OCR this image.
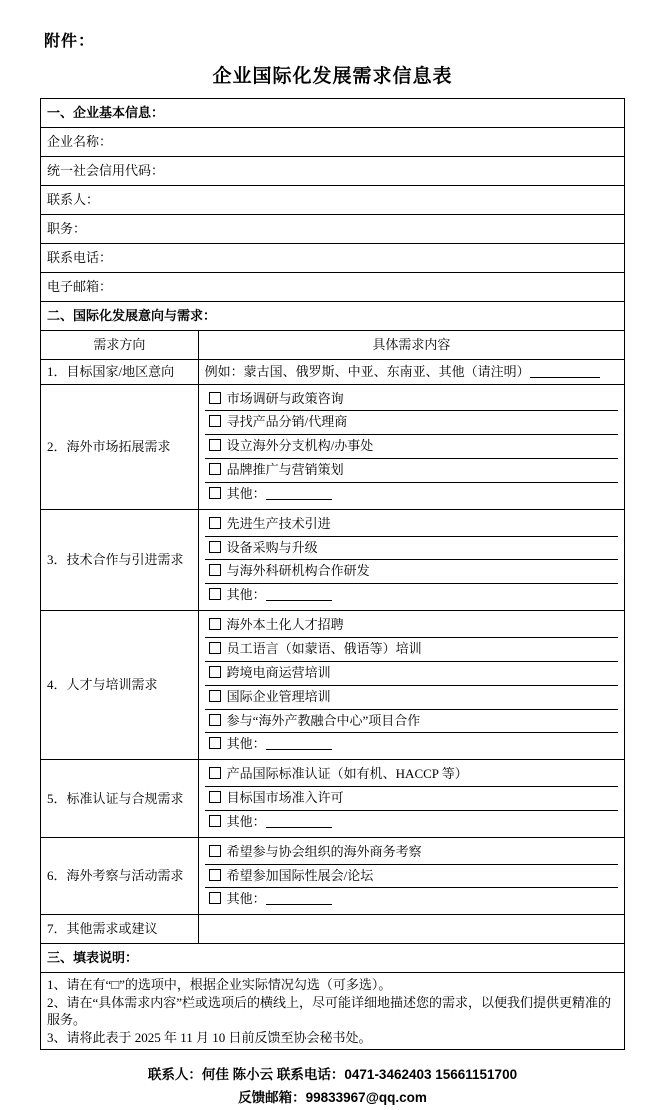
附件：
企业国际化发展需求信息表
一、企业基本信息：	
企业名称：	
统一社会信用代码：	
联系人：	
职务：	
联系电话：	
电子邮箱：	
二、国际化发展意向与需求：	
需求方向	具体需求内容
1．目标国家/地区意向	例如：蒙古国、俄罗斯、中亚、东南亚、其他（请注明）
2．海外市场拓展需求	市场调研与政策咨询
寻找产品分销/代理商
设立海外分支机构/办事处
品牌推广与营销策划
其他：

3．技术合作与引进需求	先进生产技术引进
设备采购与升级
与海外科研机构合作研发
其他：

4．人才与培训需求	
海外本土化人才招聘
员工语言（如蒙语、俄语等）培训
跨境电商运营培训
国际企业管理培训
参与“海外产教融合中心”项目合作
其他：

5．标准认证与合规需求	产品国际标准认证（如有机、HACCP 等）
目标国市场准入许可
其他：

6．海外考察与活动需求	希望参与协会组织的海外商务考察
希望参加国际性展会/论坛
其他：

7．其他需求或建议	
三、填表说明：	

1、请在有“□”的选项中，根据企业实际情况勾选（可多选）。
2、请在“具体需求内容”栏或选项后的横线上，尽可能详细地描述您的需求，以便我们提供更精准的服务。
3、请将此表于 2025 年 11 月 10 日前反馈至协会秘书处。	
联系人：何佳 陈小云 联系电话：0471-3462403 15661151700
反馈邮箱：99833967@qq.com
